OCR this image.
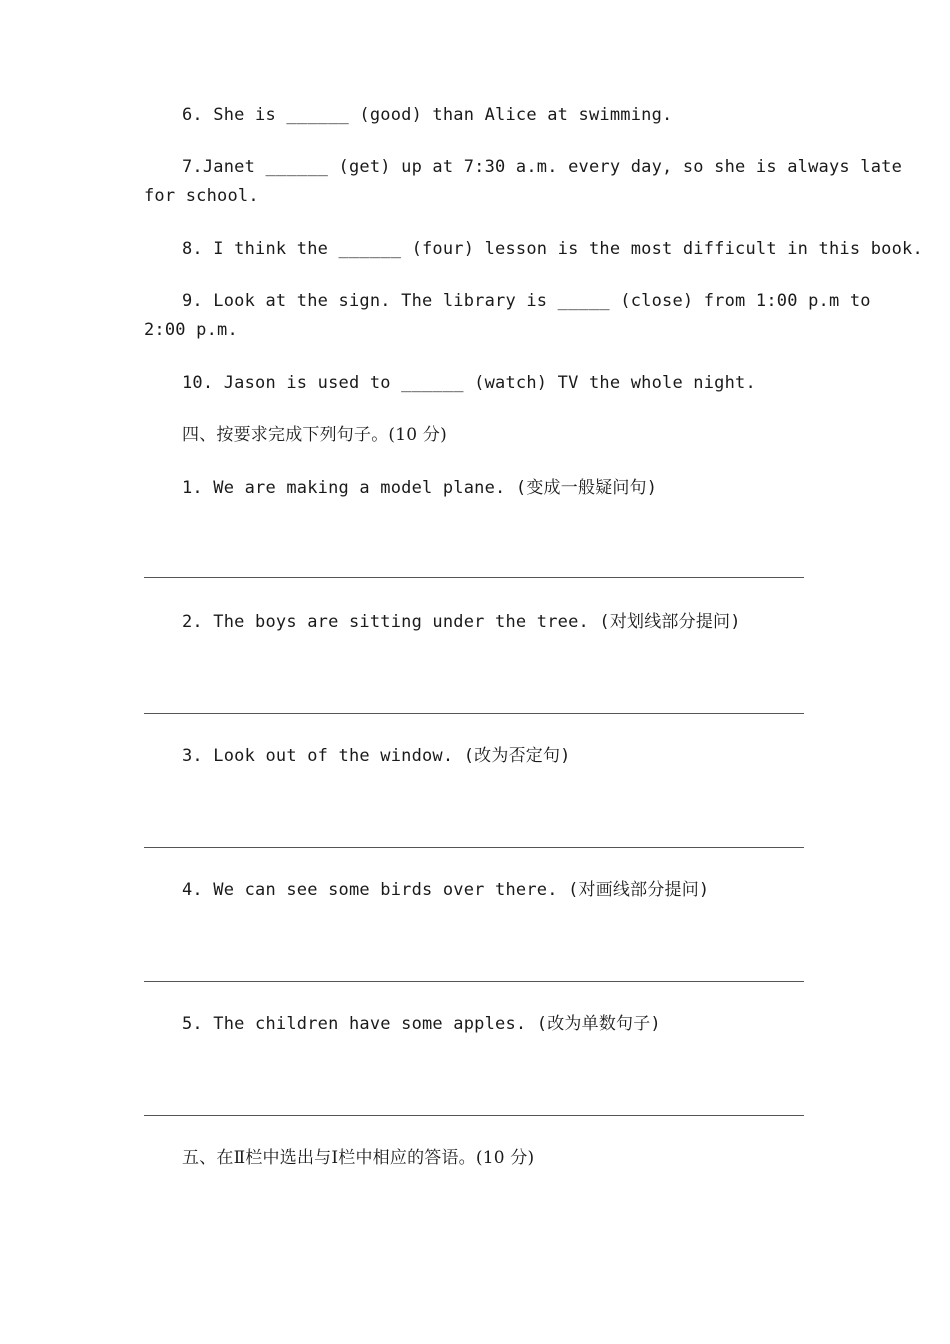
6. She is ______ (good) than Alice at swimming.
7.Janet ______ (get) up at 7:30 a.m. every day, so she is always late
for school.
8. I think the ______ (four) lesson is the most difficult in this book.
9. Look at the sign. The library is _____ (close) from 1:00 p.m to
2:00 p.m.
10. Jason is used to ______ (watch) TV the whole night.
四、按要求完成下列句子。(10 分)
1. We are making a model plane. (变成一般疑问句)
2. The boys are sitting under the tree. (对划线部分提问)
3. Look out of the window. (改为否定句)
4. We can see some birds over there. (对画线部分提问)
5. The children have some apples. (改为单数句子)
五、在Ⅱ栏中选出与Ⅰ栏中相应的答语。(10 分)
